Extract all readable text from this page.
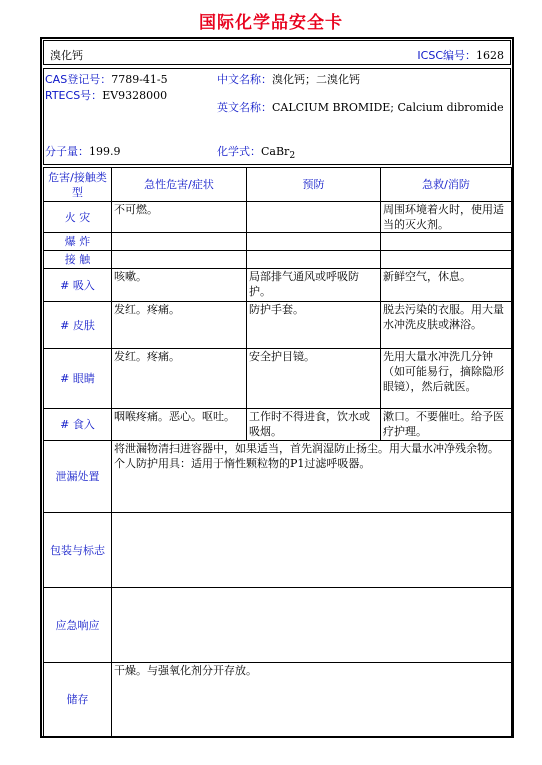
国际化学品安全卡
溴化钙	ICSC编号：1628
CAS登记号：7789-41-5
RTECS号：EV9328000
中文名称：溴化钙；二溴化钙
英文名称：CALCIUM BROMIDE; Calcium dibromide
分子量：199.9	化学式：CaBr$_2$
危害/接触类型	急性危害/症状	预防	急救/消防
火 灾	不可燃。		周围环境着火时，使用适当的灭火剂。
爆 炸			
接 触			
# 吸入	咳嗽。	局部排气通风或呼吸防护。	新鲜空气，休息。
# 皮肤	发红。疼痛。	防护手套。	脱去污染的衣服。用大量水冲洗皮肤或淋浴。
# 眼睛	发红。疼痛。	安全护目镜。	先用大量水冲洗几分钟（如可能易行，摘除隐形眼镜），然后就医。
# 食入	咽喉疼痛。恶心。呕吐。	工作时不得进食，饮水或吸烟。	漱口。不要催吐。给予医疗护理。
泄漏处置	将泄漏物清扫进容器中，如果适当，首先润湿防止扬尘。用大量水冲净残余物。个人防护用具：适用于惰性颗粒物的P1过滤呼吸器。		
包装与标志			
应急响应			
储存	干燥。与强氧化剂分开存放。		
